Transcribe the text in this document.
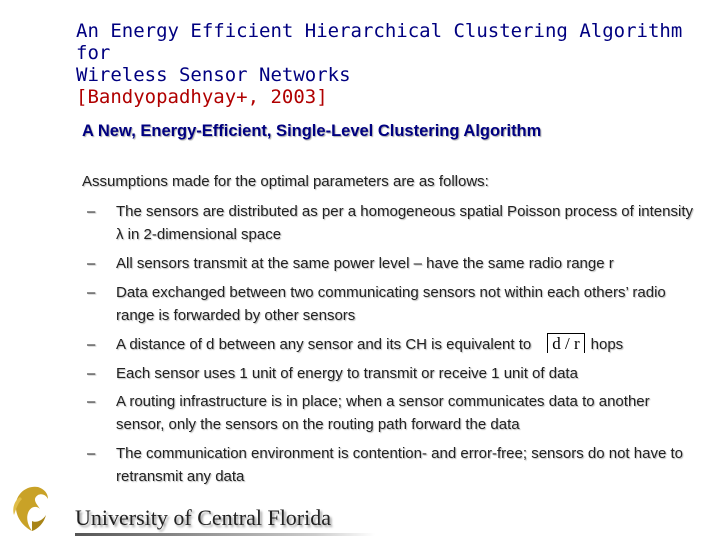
An Energy Efficient Hierarchical Clustering Algorithm for
Wireless Sensor Networks
[Bandyopadhyay+, 2003]
A New, Energy-Efficient, Single-Level Clustering Algorithm
Assumptions made for the optimal parameters are as follows:
– The sensors are distributed as per a homogeneous spatial Poisson process of intensity λ in 2-dimensional space
– All sensors transmit at the same power level – have the same radio range r
– Data exchanged between two communicating sensors not within each others’ radio range is forwarded by other sensors
– A distance of d between any sensor and its CH is equivalent to d / r hops
– Each sensor uses 1 unit of energy to transmit or receive 1 unit of data
– A routing infrastructure is in place; when a sensor communicates data to another sensor, only the sensors on the routing path forward the data
– The communication environment is contention- and error-free; sensors do not have to retransmit any data
University of Central Florida
